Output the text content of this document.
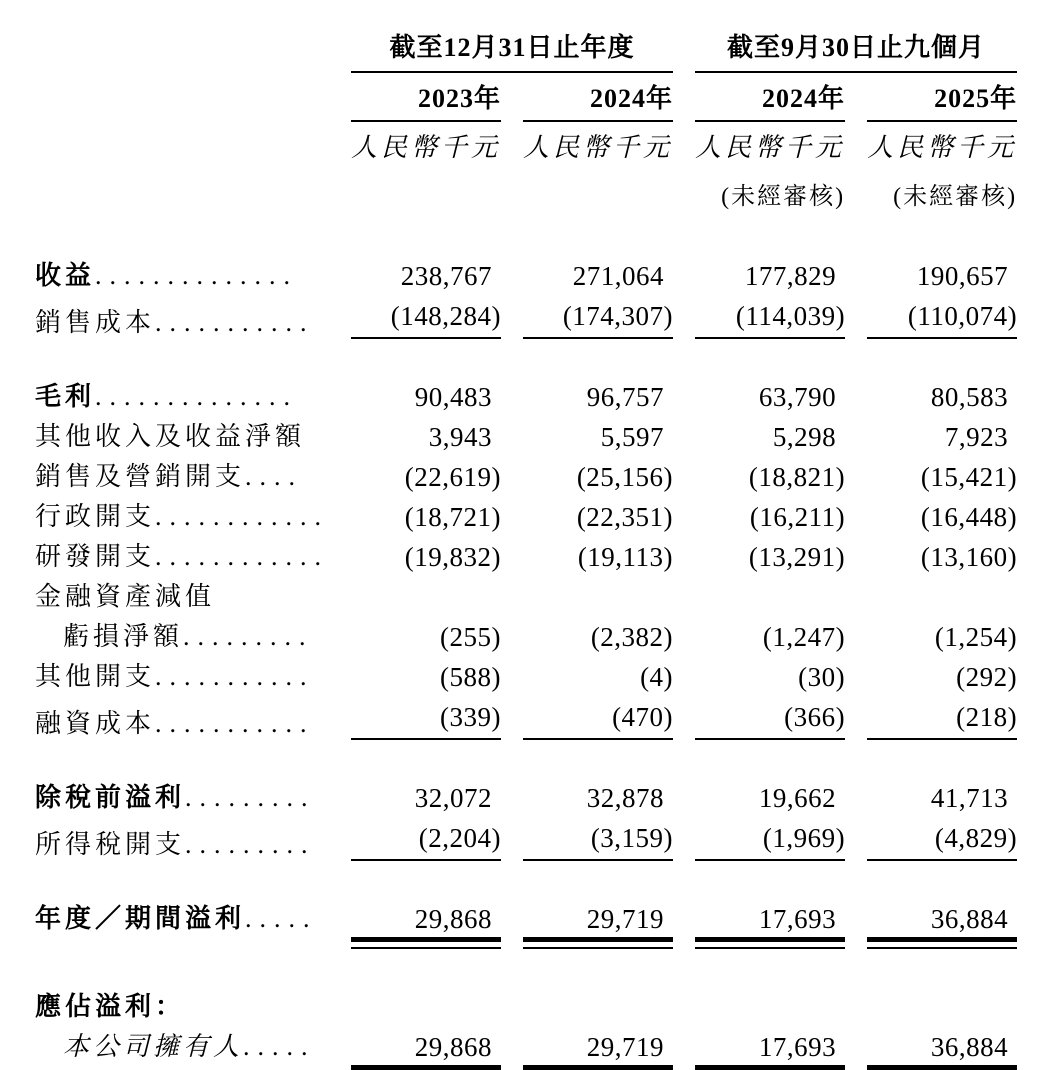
	截至12月31日止年度		截至9月30日止九個月	
	2023年	2024年	2024年	2025年
	人民幣千元	人民幣千元	人民幣千元	人民幣千元
			(未經審核)	(未經審核)

收益..............	238,767	271,064	177,829	190,657
銷售成本...........	(148,284)	(174,307)	(114,039)	(110,074)

毛利..............	90,483	96,757	63,790	80,583
其他收入及收益淨額	3,943	5,597	5,298	7,923
銷售及營銷開支....	(22,619)	(25,156)	(18,821)	(15,421)
行政開支............	(18,721)	(22,351)	(16,211)	(16,448)
研發開支............	(19,832)	(19,113)	(13,291)	(13,160)
金融資產減值				
虧損淨額.........	(255)	(2,382)	(1,247)	(1,254)
其他開支...........	(588)	(4)	(30)	(292)
融資成本...........	(339)	(470)	(366)	(218)

除稅前溢利.........	32,072	32,878	19,662	41,713
所得稅開支.........	(2,204)	(3,159)	(1,969)	(4,829)

年度／期間溢利.....	29,868	29,719	17,693	36,884

應佔溢利：				
本公司擁有人.....	29,868	29,719	17,693	36,884
